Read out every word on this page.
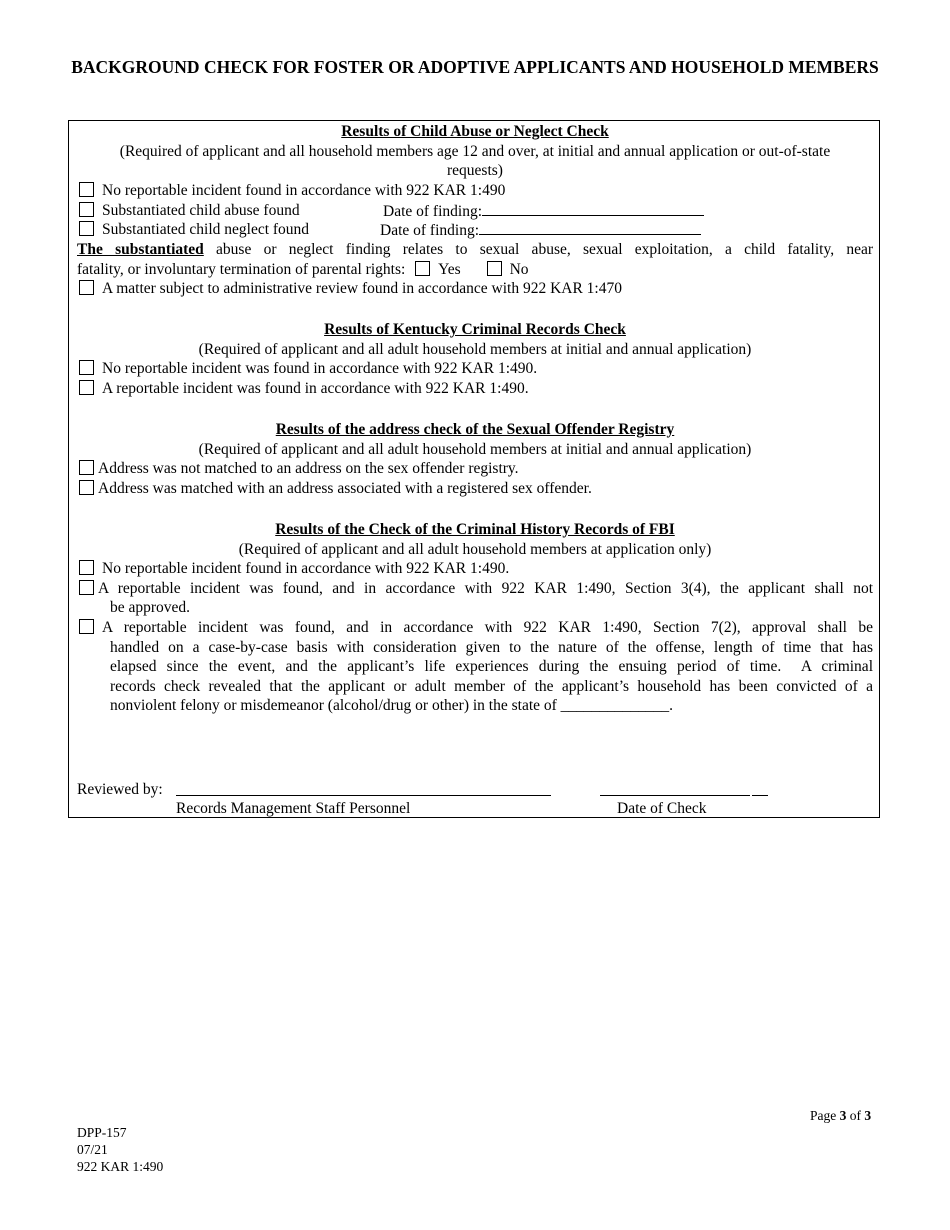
BACKGROUND CHECK FOR FOSTER OR ADOPTIVE APPLICANTS AND HOUSEHOLD MEMBERS
Results of Child Abuse or Neglect Check
(Required of applicant and all household members age 12 and over, at initial and annual application or out-of-state
requests)
No reportable incident found in accordance with 922 KAR 1:490
Substantiated child abuse found	Date of finding:
Substantiated child neglect found	Date of finding:
The substantiated abuse or neglect finding relates to sexual abuse, sexual exploitation, a child fatality, near
fatality, or involuntary termination of parental rights: Yes	No
A matter subject to administrative review found in accordance with 922 KAR 1:470
Results of Kentucky Criminal Records Check
(Required of applicant and all adult household members at initial and annual application)
No reportable incident was found in accordance with 922 KAR 1:490.
A reportable incident was found in accordance with 922 KAR 1:490.
Results of the address check of the Sexual Offender Registry
(Required of applicant and all adult household members at initial and annual application)
Address was not matched to an address on the sex offender registry.
Address was matched with an address associated with a registered sex offender.
Results of the Check of the Criminal History Records of FBI
(Required of applicant and all adult household members at application only)
No reportable incident found in accordance with 922 KAR 1:490.
A reportable incident was found, and in accordance with 922 KAR 1:490, Section 3(4), the applicant shall not
be approved.
A reportable incident was found, and in accordance with 922 KAR 1:490, Section 7(2), approval shall be
handled on a case-by-case basis with consideration given to the nature of the offense, length of time that has
elapsed since the event, and the applicant’s life experiences during the ensuing period of time.  A criminal
records check revealed that the applicant or adult member of the applicant’s household has been convicted of a
nonviolent felony or misdemeanor (alcohol/drug or other) in the state of ______________.
Reviewed by:
Records Management Staff Personnel	Date of Check
Page 3 of 3
DPP-157
07/21
922 KAR 1:490
